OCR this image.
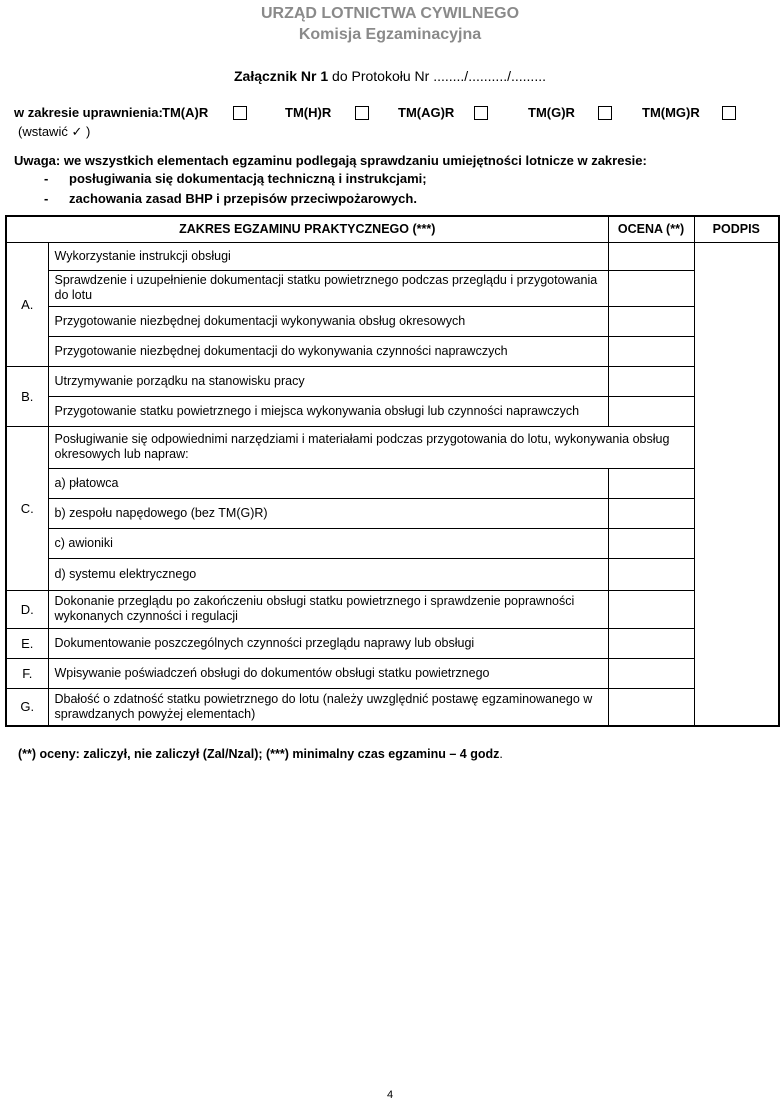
URZĄD LOTNICTWA CYWILNEGO
Komisja Egzaminacyjna
Załącznik Nr 1 do Protokołu Nr ......../........../.........
w zakresie uprawnienia: TM(A)R	TM(H)R	TM(AG)R	TM(G)R	TM(MG)R
(wstawić ✓ )
Uwaga: we wszystkich elementach egzaminu podlegają sprawdzaniu umiejętności lotnicze w zakresie:
- posługiwania się dokumentacją techniczną i instrukcjami;
- zachowania zasad BHP i przepisów przeciwpożarowych.
ZAKRES EGZAMINU PRAKTYCZNEGO (***)		OCENA (**)	PODPIS
A.	Wykorzystanie instrukcji obsługi		
	Sprawdzenie i uzupełnienie dokumentacji statku powietrznego podczas przeglądu i przygotowania do lotu		
	Przygotowanie niezbędnej dokumentacji wykonywania obsług okresowych		
	Przygotowanie niezbędnej dokumentacji do wykonywania czynności naprawczych		
B.	Utrzymywanie porządku na stanowisku pracy		
	Przygotowanie statku powietrznego i miejsca wykonywania obsługi lub czynności naprawczych		
C.	Posługiwanie się odpowiednimi narzędziami i materiałami podczas przygotowania do lotu, wykonywania obsług okresowych lub napraw:		
	a) płatowca		
	b) zespołu napędowego (bez TM(G)R)		
	c) awioniki		
	d) systemu elektrycznego		
D.	Dokonanie przeglądu po zakończeniu obsługi statku powietrznego i sprawdzenie poprawności wykonanych czynności i regulacji		
E.	Dokumentowanie poszczególnych czynności przeglądu naprawy lub obsługi		
F.	Wpisywanie poświadczeń obsługi do dokumentów obsługi statku powietrznego		
G.	Dbałość o zdatność statku powietrznego do lotu (należy uwzględnić postawę egzaminowanego w sprawdzanych powyżej elementach)		
(**) oceny: zaliczył, nie zaliczył (Zal/Nzal); (***) minimalny czas egzaminu – 4 godz.
4
